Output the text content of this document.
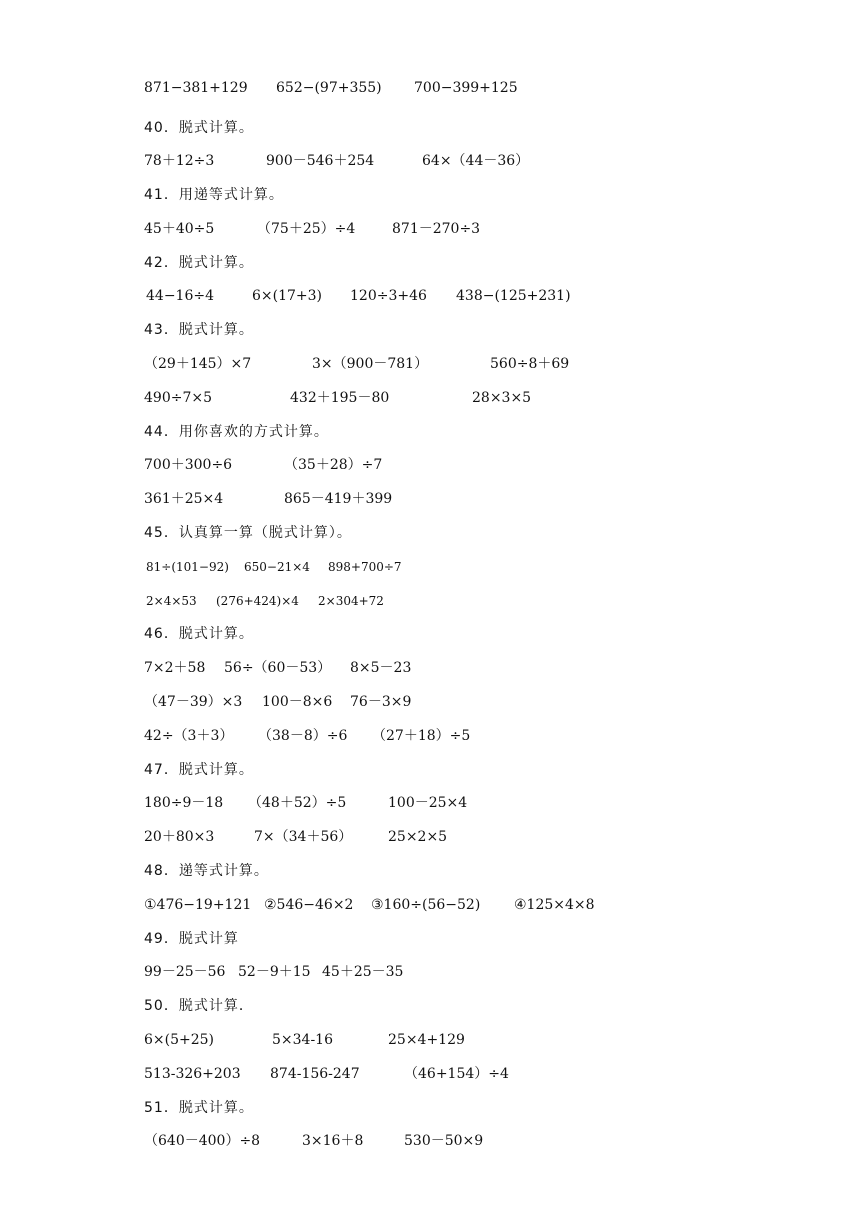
871−381+129 652−(97+355) 700−399+125
40．脱式计算。
78＋12÷3	900－546＋254	64×（44－36）
41．用递等式计算。
45＋40÷5	（75＋25）÷4	871－270÷3
42．脱式计算。
44−16÷4	6×(17+3) 120÷3+46 438−(125+231)
43．脱式计算。
（29＋145）×7	3×（900－781）	560÷8＋69
490÷7×5	432＋195－80	28×3×5
44．用你喜欢的方式计算。
700＋300÷6	（35＋28）÷7
361＋25×4	865－419＋399
45．认真算一算（脱式计算）。
81÷(101−92) 650−21×4 898+700÷7
2×4×53 (276+424)×4 2×304+72
46．脱式计算。
7×2＋58 56÷（60－53） 8×5－23
（47－39）×3 100－8×6 76－3×9
42÷（3＋3） （38－8）÷6 （27＋18）÷5
47．脱式计算。
180÷9－18 （48＋52）÷5	100－25×4
20＋80×3	7×（34＋56）	25×2×5
48．递等式计算。
①476−19+121 ②546−46×2 ③160÷(56−52) ④125×4×8
49．脱式计算
99－25－56 52－9＋15 45＋25－35
50．脱式计算．
6×(5+25)	5×34-16	25×4+129
513-326+203 874-156-247	（46+154）÷4
51．脱式计算。
（640－400）÷8	3×16＋8	530－50×9
